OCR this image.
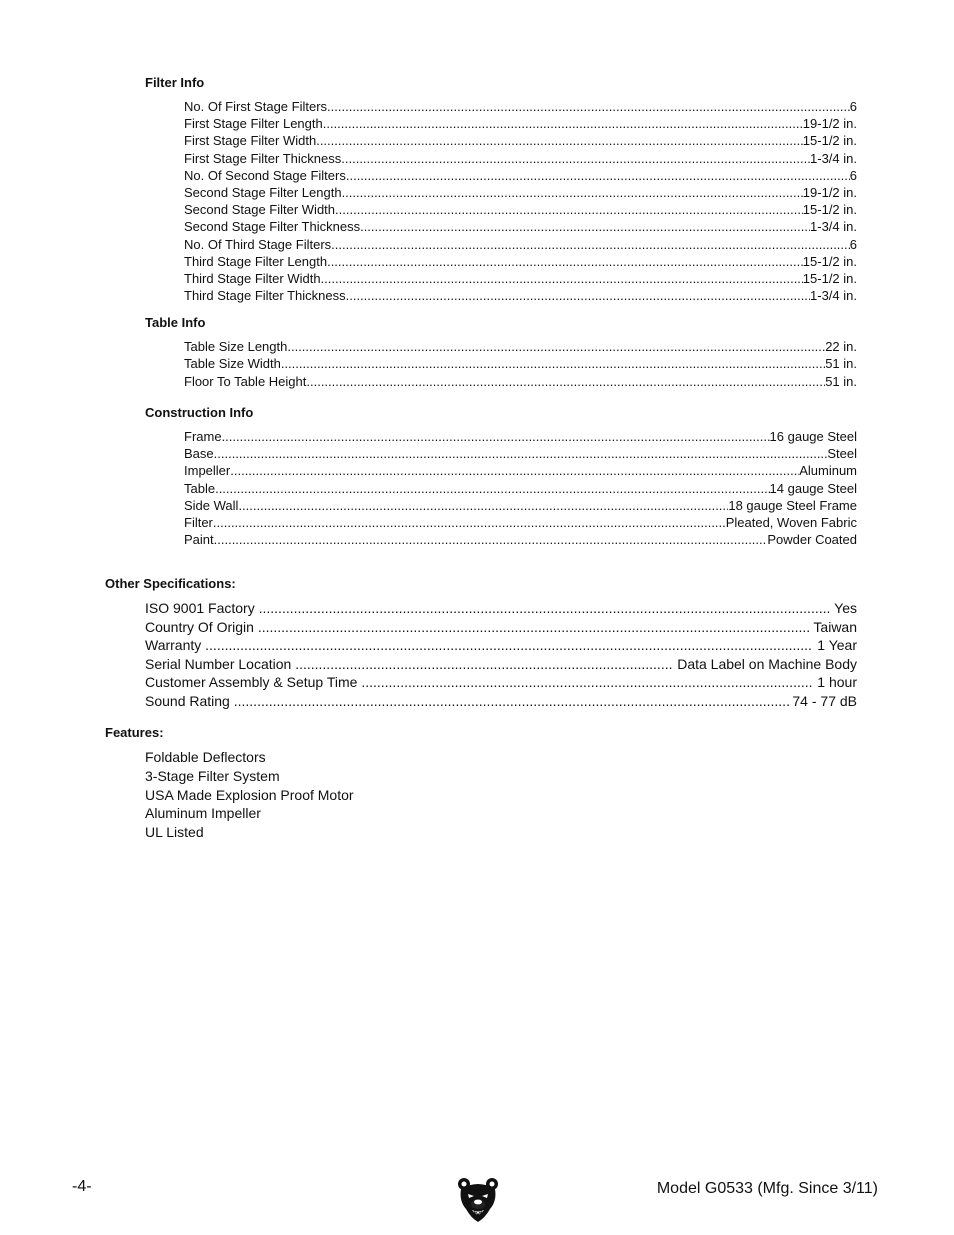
Filter Info
No. Of First Stage Filters .....	6
First Stage Filter Length .....	19-1/2 in.
First Stage Filter Width .....	15-1/2 in.
First Stage Filter Thickness .....	1-3/4 in.
No. Of Second Stage Filters .....	6
Second Stage Filter Length .....	19-1/2 in.
Second Stage Filter Width .....	15-1/2 in.
Second Stage Filter Thickness .....	1-3/4 in.
No. Of Third Stage Filters .....	6
Third Stage Filter Length .....	15-1/2 in.
Third Stage Filter Width .....	15-1/2 in.
Third Stage Filter Thickness .....	1-3/4 in.
Table Info
Table Size Length .....	22 in.
Table Size Width .....	51 in.
Floor To Table Height .....	51 in.
Construction Info
Frame .....	16 gauge Steel
Base .....	Steel
Impeller .....	Aluminum
Table .....	14 gauge Steel
Side Wall .....	18 gauge Steel Frame
Filter .....	Pleated, Woven Fabric
Paint .....	Powder Coated
Other Specifications:
ISO 9001 Factory .....	Yes
Country Of Origin .....	Taiwan
Warranty .....	1 Year
Serial Number Location .....	Data Label on Machine Body
Customer Assembly & Setup Time .....	1 hour
Sound Rating .....	74 - 77 dB
Features:
Foldable Deflectors
3-Stage Filter System
USA Made Explosion Proof Motor
Aluminum Impeller
UL Listed
-4-	Model G0533 (Mfg. Since 3/11)
